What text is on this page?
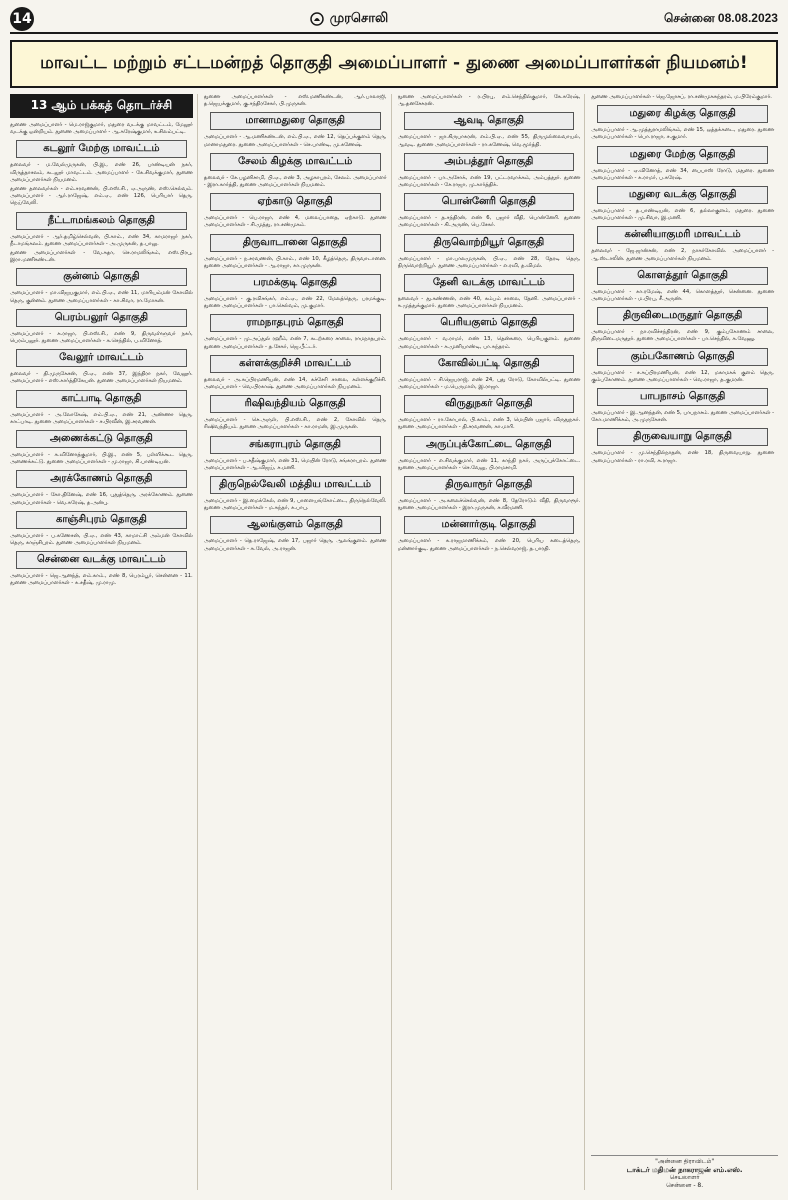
14	முரசொலி	சென்னை 08.08.2023
மாவட்ட மற்றும் சட்டமன்றத் தொகுதி அமைப்பாளர் - துணை அமைப்பாளர்கள் நியமனம்!
13 ஆம் பக்கத் தொடர்ச்சி
துணை அமைப்பாளர் - மெ.ராஜ்குமார், மதுரை வடக்கு மாவட்டம், மேலூர் வடக்கு ஒன்றியம். துணை அமைப்பாளர் - ஆ.சுரேஷ்குமார், உசிலம்பட்டி.
கடலூர் மேற்கு மாவட்டம்
தலைவர் - ம.வேல்முருகன், பி.இ., எண் 26, பாண்டியன் நகர், விருத்தாசலம், கடலூர் மாவட்டம். அமைப்பாளர் - கே.சிவக்குமார், துணை அமைப்பாளர்கள் நியமனம்.
துணை தலைவர்கள் - எம்.சரவணன், பி.எஸ்.சி., ஏ.அருண், எஸ்.செல்வம். அமைப்பாளர் - ஆர்.ராஜேஷ், எம்.ஏ., எண் 126, பெரியார் தெரு, நெய்வேலி.
நீட்டாமங்கலம் தொகுதி
அமைப்பாளர் - ஆர்.தமிழ்செல்வன், பி.காம்., எண் 34, காமராஜர் நகர், நீடாமங்கலம். துணை அமைப்பாளர்கள் - அ.முருகன், த.பாலு.
துணை அமைப்பாளர்கள் - வே.சுதா, செ.ராமலிங்கம், எஸ்.பிரபு, இரா.மணிகண்டன்.
குன்னம் தொகுதி
அமைப்பாளர் - மா.விஜயகுமார், எம்.பி.ஏ., எண் 11, மாரியம்மன் கோவில் தெரு, குன்னம். துணை அமைப்பாளர்கள் - கா.சிவா, ரா.மோகன்.
பெரம்பலூர் தொகுதி
அமைப்பாளர் - சு.ராஜா, பி.எஸ்.சி., எண் 9, திருவள்ளுவர் நகர், பெரம்பலூர். துணை அமைப்பாளர்கள் - க.செந்தில், ப.வினோத்.
வேலூர் மாவட்டம்
தலைவர் - தி.முருகேசன், பி.ஏ., எண் 37, இந்திரா நகர், வேலூர். அமைப்பாளர் - எஸ்.கார்த்திகேயன். துணை அமைப்பாளர்கள் நியமனம்.
காட்பாடி தொகுதி
அமைப்பாளர் - அ.லோகேஷ், எம்.பி.ஏ., எண் 21, அண்ணா தெரு, காட்பாடி. துணை அமைப்பாளர்கள் - ச.பிரவீன், இ.சரவணன்.
அணைக்கட்டு தொகுதி
அமைப்பாளர் - க.வினோத்குமார், பி.இ., எண் 5, பள்ளிக்கூட தெரு, அணைக்கட்டு. துணை அமைப்பாளர்கள் - மு.ராஜா, சி.பாண்டியன்.
அரக்கோணம் தொகுதி
அமைப்பாளர் - கோ.தினேஷ், எண் 16, புதுத்தெரு, அரக்கோணம். துணை அமைப்பாளர்கள் - வெ.சுரேஷ், த.அன்பு.
காஞ்சிபுரம் தொகுதி
அமைப்பாளர் - ப.கணேசன், பி.ஏ., எண் 43, காமாட்சி அம்மன் கோவில் தெரு, காஞ்சிபுரம். துணை அமைப்பாளர்கள் நியமனம்.
சென்னை வடக்கு மாவட்டம்
அமைப்பாளர் - ஜெ.ஆனந்த், எம்.காம்., எண் 8, பெரம்பூர், சென்னை - 11. துணை அமைப்பாளர்கள் - க.சதீஷ், மு.ராமு.
துணை அமைப்பாளர்கள் - எஸ்.மணிகண்டன், ஆர்.பாலாஜி, த.ஜெயக்குமார், கு.சந்திரசேகர், பி.முருகன்.
மானாமதுரை தொகுதி
அமைப்பாளர் - ஆ.மணிகண்டன், எம்.பி.ஏ., எண் 12, தெப்பக்குளம் தெரு, மானாமதுரை. துணை அமைப்பாளர்கள் - செ.பாண்டி, மு.கணேஷ்.
சேலம் கிழக்கு மாவட்டம்
தலைவர் - சே.பழனிசாமி, பி.ஏ., எண் 3, அழகாபுரம், சேலம். அமைப்பாளர் - இரா.கார்த்தி, துணை அமைப்பாளர்கள் நியமனம்.
ஏற்காடு தொகுதி
அமைப்பாளர் - பெ.ராஜா, எண் 4, மலைப்பாதை, ஏற்காடு. துணை அமைப்பாளர்கள் - சி.முத்து, ரா.சண்முகம்.
திருவாடானை தொகுதி
அமைப்பாளர் - ந.சரவணன், பி.காம்., எண் 10, கீழத்தெரு, திருவாடானை. துணை அமைப்பாளர்கள் - ஆ.ராஜா, கா.முருகன்.
பரமக்குடி தொகுதி
அமைப்பாளர் - கு.ரவிசங்கர், எம்.ஏ., எண் 22, மேலத்தெரு, பரமக்குடி. துணை அமைப்பாளர்கள் - பா.செல்வம், மு.குமார்.
ராமநாதபுரம் தொகுதி
அமைப்பாளர் - மு.அப்துல் ரஹீம், எண் 7, கடற்கரை சாலை, ராமநாதபுரம். துணை அமைப்பாளர்கள் - த.சேகர், ஜெ.பீட்டர்.
கள்ளக்குறிச்சி மாவட்டம்
தலைவர் - அ.சுப்பிரமணியன், எண் 14, கச்சேரி சாலை, கள்ளக்குறிச்சி. அமைப்பாளர் - வெ.பிரகாஷ். துணை அமைப்பாளர்கள் நியமனம்.
ரிஷிவந்தியம் தொகுதி
அமைப்பாளர் - செ.அருள், பி.எஸ்.சி., எண் 2, கோவில் தெரு, ரிஷிவந்தியம். துணை அமைப்பாளர்கள் - கா.ராமன், இ.முருகன்.
சங்கராபுரம் தொகுதி
அமைப்பாளர் - ப.சதீஷ்குமார், எண் 31, மெயின் ரோடு, சங்கராபுரம். துணை அமைப்பாளர்கள் - ஆ.விஜய், ச.மணி.
திருநெல்வேலி மத்திய மாவட்டம்
அமைப்பாளர் - இ.மைக்கேல், எண் 9, பாளையங்கோட்டை, திருநெல்வேலி. துணை அமைப்பாளர்கள் - ம.சுந்தர், க.பாபு.
ஆலங்குளம் தொகுதி
அமைப்பாளர் - தெ.ராஜேஷ், எண் 17, பஜார் தெரு, ஆலங்குளம். துணை அமைப்பாளர்கள் - சு.வேல், அ.ராஜன்.
துணை அமைப்பாளர்கள் - ர.பிரபு, எம்.செந்தில்குமார், கே.சுரேஷ், ஆ.தனசேகரன்.
ஆவடி தொகுதி
அமைப்பாளர் - ஜா.கிருபாகரன், எம்.பி.ஏ., எண் 55, திருமுல்லைவாயல், ஆவடி. துணை அமைப்பாளர்கள் - ரா.கணேஷ், வெ.மூர்த்தி.
அம்பத்தூர் தொகுதி
அமைப்பாளர் - பா.அசோக், எண் 19, பட்டரவாக்கம், அம்பத்தூர். துணை அமைப்பாளர்கள் - சே.ராஜா, மு.கார்த்திக்.
பொன்னேரி தொகுதி
அமைப்பாளர் - த.சந்திரன், எண் 6, பஜார் வீதி, பொன்னேரி. துணை அமைப்பாளர்கள் - கி.அருண், பெ.சேகர்.
திருவொற்றியூர் தொகுதி
அமைப்பாளர் - மா.பாலமுருகன், பி.ஏ., எண் 28, தேரடி தெரு, திருவொற்றியூர். துணை அமைப்பாளர்கள் - எ.ரவி, த.விமல்.
தேனி வடக்கு மாவட்டம்
தலைவர் - து.கண்ணன், எண் 40, கம்பம் சாலை, தேனி. அமைப்பாளர் - சு.முத்துக்குமார். துணை அமைப்பாளர்கள் நியமனம்.
பெரியகுளம் தொகுதி
அமைப்பாளர் - வ.ராமர், எண் 13, தென்கரை, பெரியகுளம். துணை அமைப்பாளர்கள் - க.முனியாண்டி, பா.சுந்தரம்.
கோவில்பட்டி தொகுதி
அமைப்பாளர் - சி.ஜெயராஜ், எண் 24, புது ரோடு, கோவில்பட்டி. துணை அமைப்பாளர்கள் - ம.பெருமாள், இ.ராஜா.
விருதுநகர் தொகுதி
அமைப்பாளர் - ரா.கோபால், பி.காம்., எண் 3, மெயின் பஜார், விருதுநகர். துணை அமைப்பாளர்கள் - தி.சரவணன், கா.மாரி.
அருப்புக்கோட்டை தொகுதி
அமைப்பாளர் - எ.சிவக்குமார், எண் 11, காந்தி நகர், அருப்புக்கோட்டை. துணை அமைப்பாளர்கள் - செ.வேலு, பி.ராமசாமி.
திருவாரூர் தொகுதி
அமைப்பாளர் - அ.கலைச்செல்வன், எண் 8, தேரோடும் வீதி, திருவாரூர். துணை அமைப்பாளர்கள் - இரா.முருகன், ச.வீரமணி.
மன்னார்குடி தொகுதி
அமைப்பாளர் - க.ராஜமாணிக்கம், எண் 20, பெரிய கடைத்தெரு, மன்னார்குடி. துணை அமைப்பாளர்கள் - ந.செல்வராஜ், த.பாரதி.
துணை அமைப்பாளர்கள் - ஜெ.ஜோசப், ரா.சண்முகசுந்தரம், ம.பிரேம்குமார்.
மதுரை கிழக்கு தொகுதி
அமைப்பாளர் - ஆ.முத்துராமலிங்கம், எண் 15, ஒத்தக்கடை, மதுரை. துணை அமைப்பாளர்கள் - பொ.ராஜா, ச.குமார்.
மதுரை மேற்கு தொகுதி
அமைப்பாளர் - ஏ.வினோத், எண் 34, பைபாஸ் ரோடு, மதுரை. துணை அமைப்பாளர்கள் - க.ராமர், ப.சுரேஷ்.
மதுரை வடக்கு தொகுதி
அமைப்பாளர் - த.பாண்டியன், எண் 6, தல்லாகுளம், மதுரை. துணை அமைப்பாளர்கள் - மு.சிவா, இ.மணி.
கன்னியாகுமரி மாவட்டம்
தலைவர் - ஜே.ஜான்சன், எண் 2, நாகர்கோவில். அமைப்பாளர் - ஆ.ஸ்டாலின். துணை அமைப்பாளர்கள் நியமனம்.
கொளத்தூர் தொகுதி
அமைப்பாளர் - கா.ரமேஷ், எண் 44, கொளத்தூர், சென்னை. துணை அமைப்பாளர்கள் - ம.பிரபு, சீ.அருண்.
திருவிடைமருதூர் தொகுதி
அமைப்பாளர் - நா.ரவிச்சந்திரன், எண் 9, கும்பகோணம் சாலை, திருவிடைமருதூர். துணை அமைப்பாளர்கள் - பா.செந்தில், க.வேணு.
கும்பகோணம் தொகுதி
அமைப்பாளர் - ச.சுப்பிரமணியன், எண் 12, மகாமகக் குளம் தெரு, கும்பகோணம். துணை அமைப்பாளர்கள் - வெ.ராஜா, த.குமரன்.
பாபநாசம் தொகுதி
அமைப்பாளர் - இ.ஆனந்தன், எண் 5, பாபநாசம். துணை அமைப்பாளர்கள் - கோ.மாணிக்கம், அ.முருகேசன்.
திருவையாறு தொகுதி
அமைப்பாளர் - மு.செந்தில்நாதன், எண் 18, திருவையாறு. துணை அமைப்பாளர்கள் - ரா.ரவி, சு.ராஜா.
"அன்னை திராவிடம்"
டாக்டர் மதிமன் நாகராஜன் எம்.எஸ்.
செயலாளர்
சென்னை - 8.
